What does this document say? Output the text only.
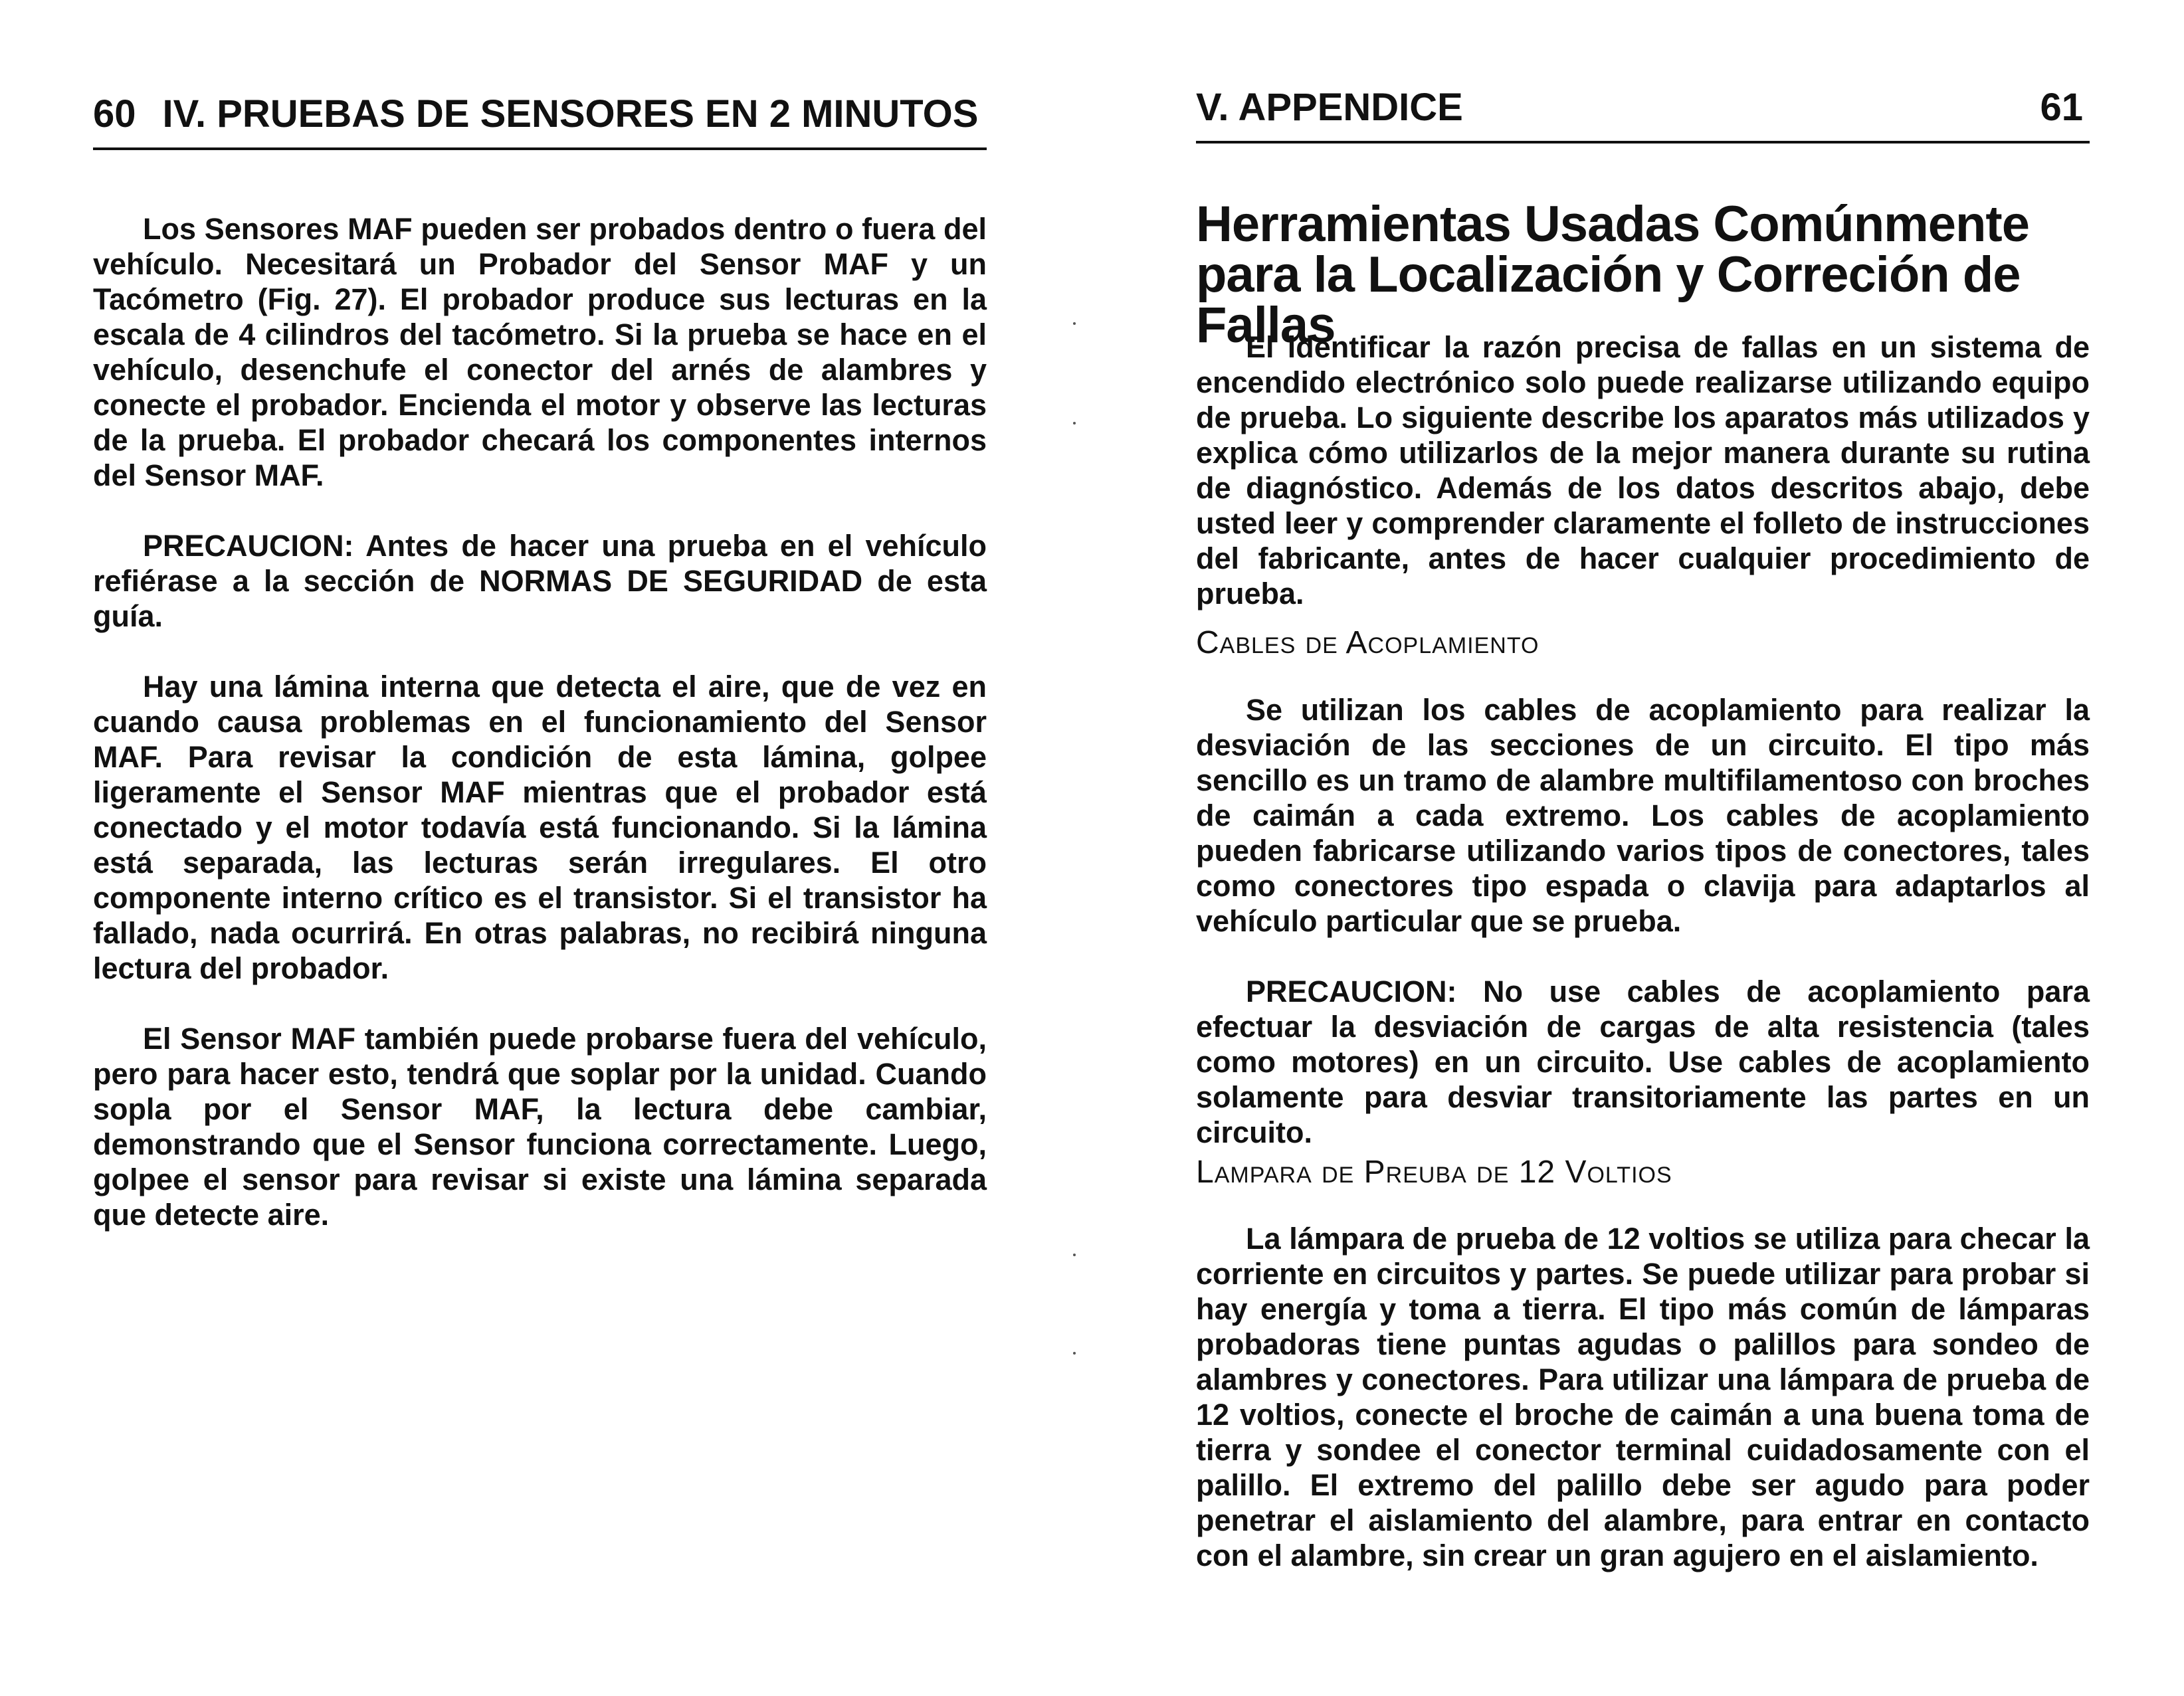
60 IV. PRUEBAS DE SENSORES EN 2 MINUTOS

Los Sensores MAF pueden ser probados dentro o fuera del vehículo. Necesitará un Probador del Sensor MAF y un Tacómetro (Fig. 27). El probador produce sus lecturas en la escala de 4 cilindros del tacómetro. Si la prueba se hace en el vehículo, desenchufe el conector del arnés de alambres y conecte el probador. Encienda el motor y observe las lecturas de la prueba. El probador checará los componentes internos del Sensor MAF.

PRECAUCION: Antes de hacer una prueba en el vehículo refiérase a la sección de NORMAS DE SEGURIDAD de esta guía.

Hay una lámina interna que detecta el aire, que de vez en cuando causa problemas en el funcionamiento del Sensor MAF. Para revisar la condición de esta lámina, golpee ligeramente el Sensor MAF mientras que el probador está conectado y el motor todavía está funcionando. Si la lámina está separada, las lecturas serán irregulares. El otro componente interno crítico es el transistor. Si el transistor ha fallado, nada ocurrirá. En otras palabras, no recibirá ninguna lectura del probador.

El Sensor MAF también puede probarse fuera del vehículo, pero para hacer esto, tendrá que soplar por la unidad. Cuando sopla por el Sensor MAF, la lectura debe cambiar, demonstrando que el Sensor funciona correctamente. Luego, golpee el sensor para revisar si existe una lámina separada que detecte aire.

V. APPENDICE	61
Herramientas Usadas Comúnmente para la Localización y Correción de Fallas

El identificar la razón precisa de fallas en un sistema de encendido electrónico solo puede realizarse utilizando equipo de prueba. Lo siguiente describe los aparatos más utilizados y explica cómo utilizarlos de la mejor manera durante su rutina de diagnóstico. Además de los datos descritos abajo, debe usted leer y comprender claramente el folleto de instrucciones del fabricante, antes de hacer cualquier procedimiento de prueba.

Cables de Acoplamiento

Se utilizan los cables de acoplamiento para realizar la desviación de las secciones de un circuito. El tipo más sencillo es un tramo de alambre multifilamentoso con broches de caimán a cada extremo. Los cables de acoplamiento pueden fabricarse utilizando varios tipos de conectores, tales como conectores tipo espada o clavija para adaptarlos al vehículo particular que se prueba.

PRECAUCION: No use cables de acoplamiento para efectuar la desviación de cargas de alta resistencia (tales como motores) en un circuito. Use cables de acoplamiento solamente para desviar transitoriamente las partes en un circuito.

Lampara de Preuba de 12 Voltios

La lámpara de prueba de 12 voltios se utiliza para checar la corriente en circuitos y partes. Se puede utilizar para probar si hay energía y toma a tierra. El tipo más común de lámparas probadoras tiene puntas agudas o palillos para sondeo de alambres y conectores. Para utilizar una lámpara de prueba de 12 voltios, conecte el broche de caimán a una buena toma de tierra y sondee el conector terminal cuidadosamente con el palillo. El extremo del palillo debe ser agudo para poder penetrar el aislamiento del alambre, para entrar en contacto con el alambre, sin crear un gran agujero en el aislamiento.
